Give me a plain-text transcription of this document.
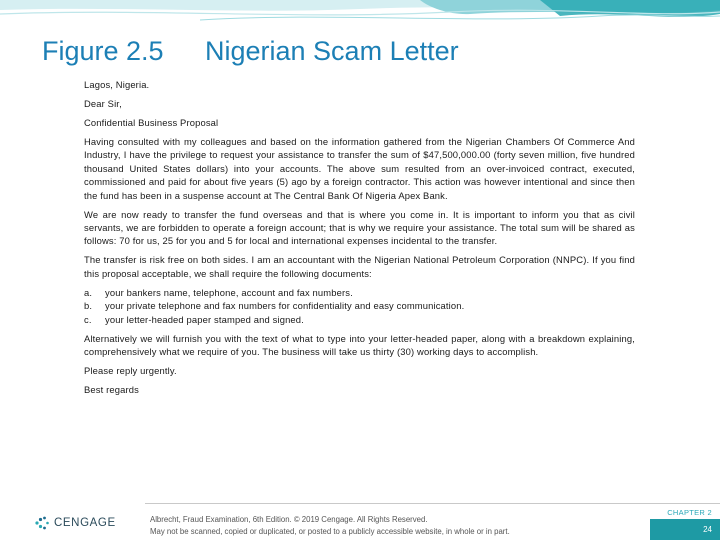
Figure 2.5 Nigerian Scam Letter

Lagos, Nigeria.

Dear Sir,

Confidential Business Proposal

Having consulted with my colleagues and based on the information gathered from the Nigerian Chambers Of Commerce And Industry, I have the privilege to request your assistance to transfer the sum of $47,500,000.00 (forty seven million, five hundred thousand United States dollars) into your accounts. The above sum resulted from an over-invoiced contract, executed, commissioned and paid for about five years (5) ago by a foreign contractor. This action was however intentional and since then the fund has been in a suspense account at The Central Bank Of Nigeria Apex Bank.

We are now ready to transfer the fund overseas and that is where you come in. It is important to inform you that as civil servants, we are forbidden to operate a foreign account; that is why we require your assistance. The total sum will be shared as follows: 70 for us, 25 for you and 5 for local and international expenses incidental to the transfer.

The transfer is risk free on both sides. I am an accountant with the Nigerian National Petroleum Corporation (NNPC). If you find this proposal acceptable, we shall require the following documents:

a.	your bankers name, telephone, account and fax numbers.
b.	your private telephone and fax numbers for confidentiality and easy communication.
c.	your letter-headed paper stamped and signed.

Alternatively we will furnish you with the text of what to type into your letter-headed paper, along with a breakdown explaining, comprehensively what we require of you. The business will take us thirty (30) working days to accomplish.

Please reply urgently.

Best regards

CENGAGE	Albrecht, Fraud Examination, 6th Edition. © 2019 Cengage. All Rights Reserved.
May not be scanned, copied or duplicated, or posted to a publicly accessible website, in whole or in part.
CHAPTER 2
24
